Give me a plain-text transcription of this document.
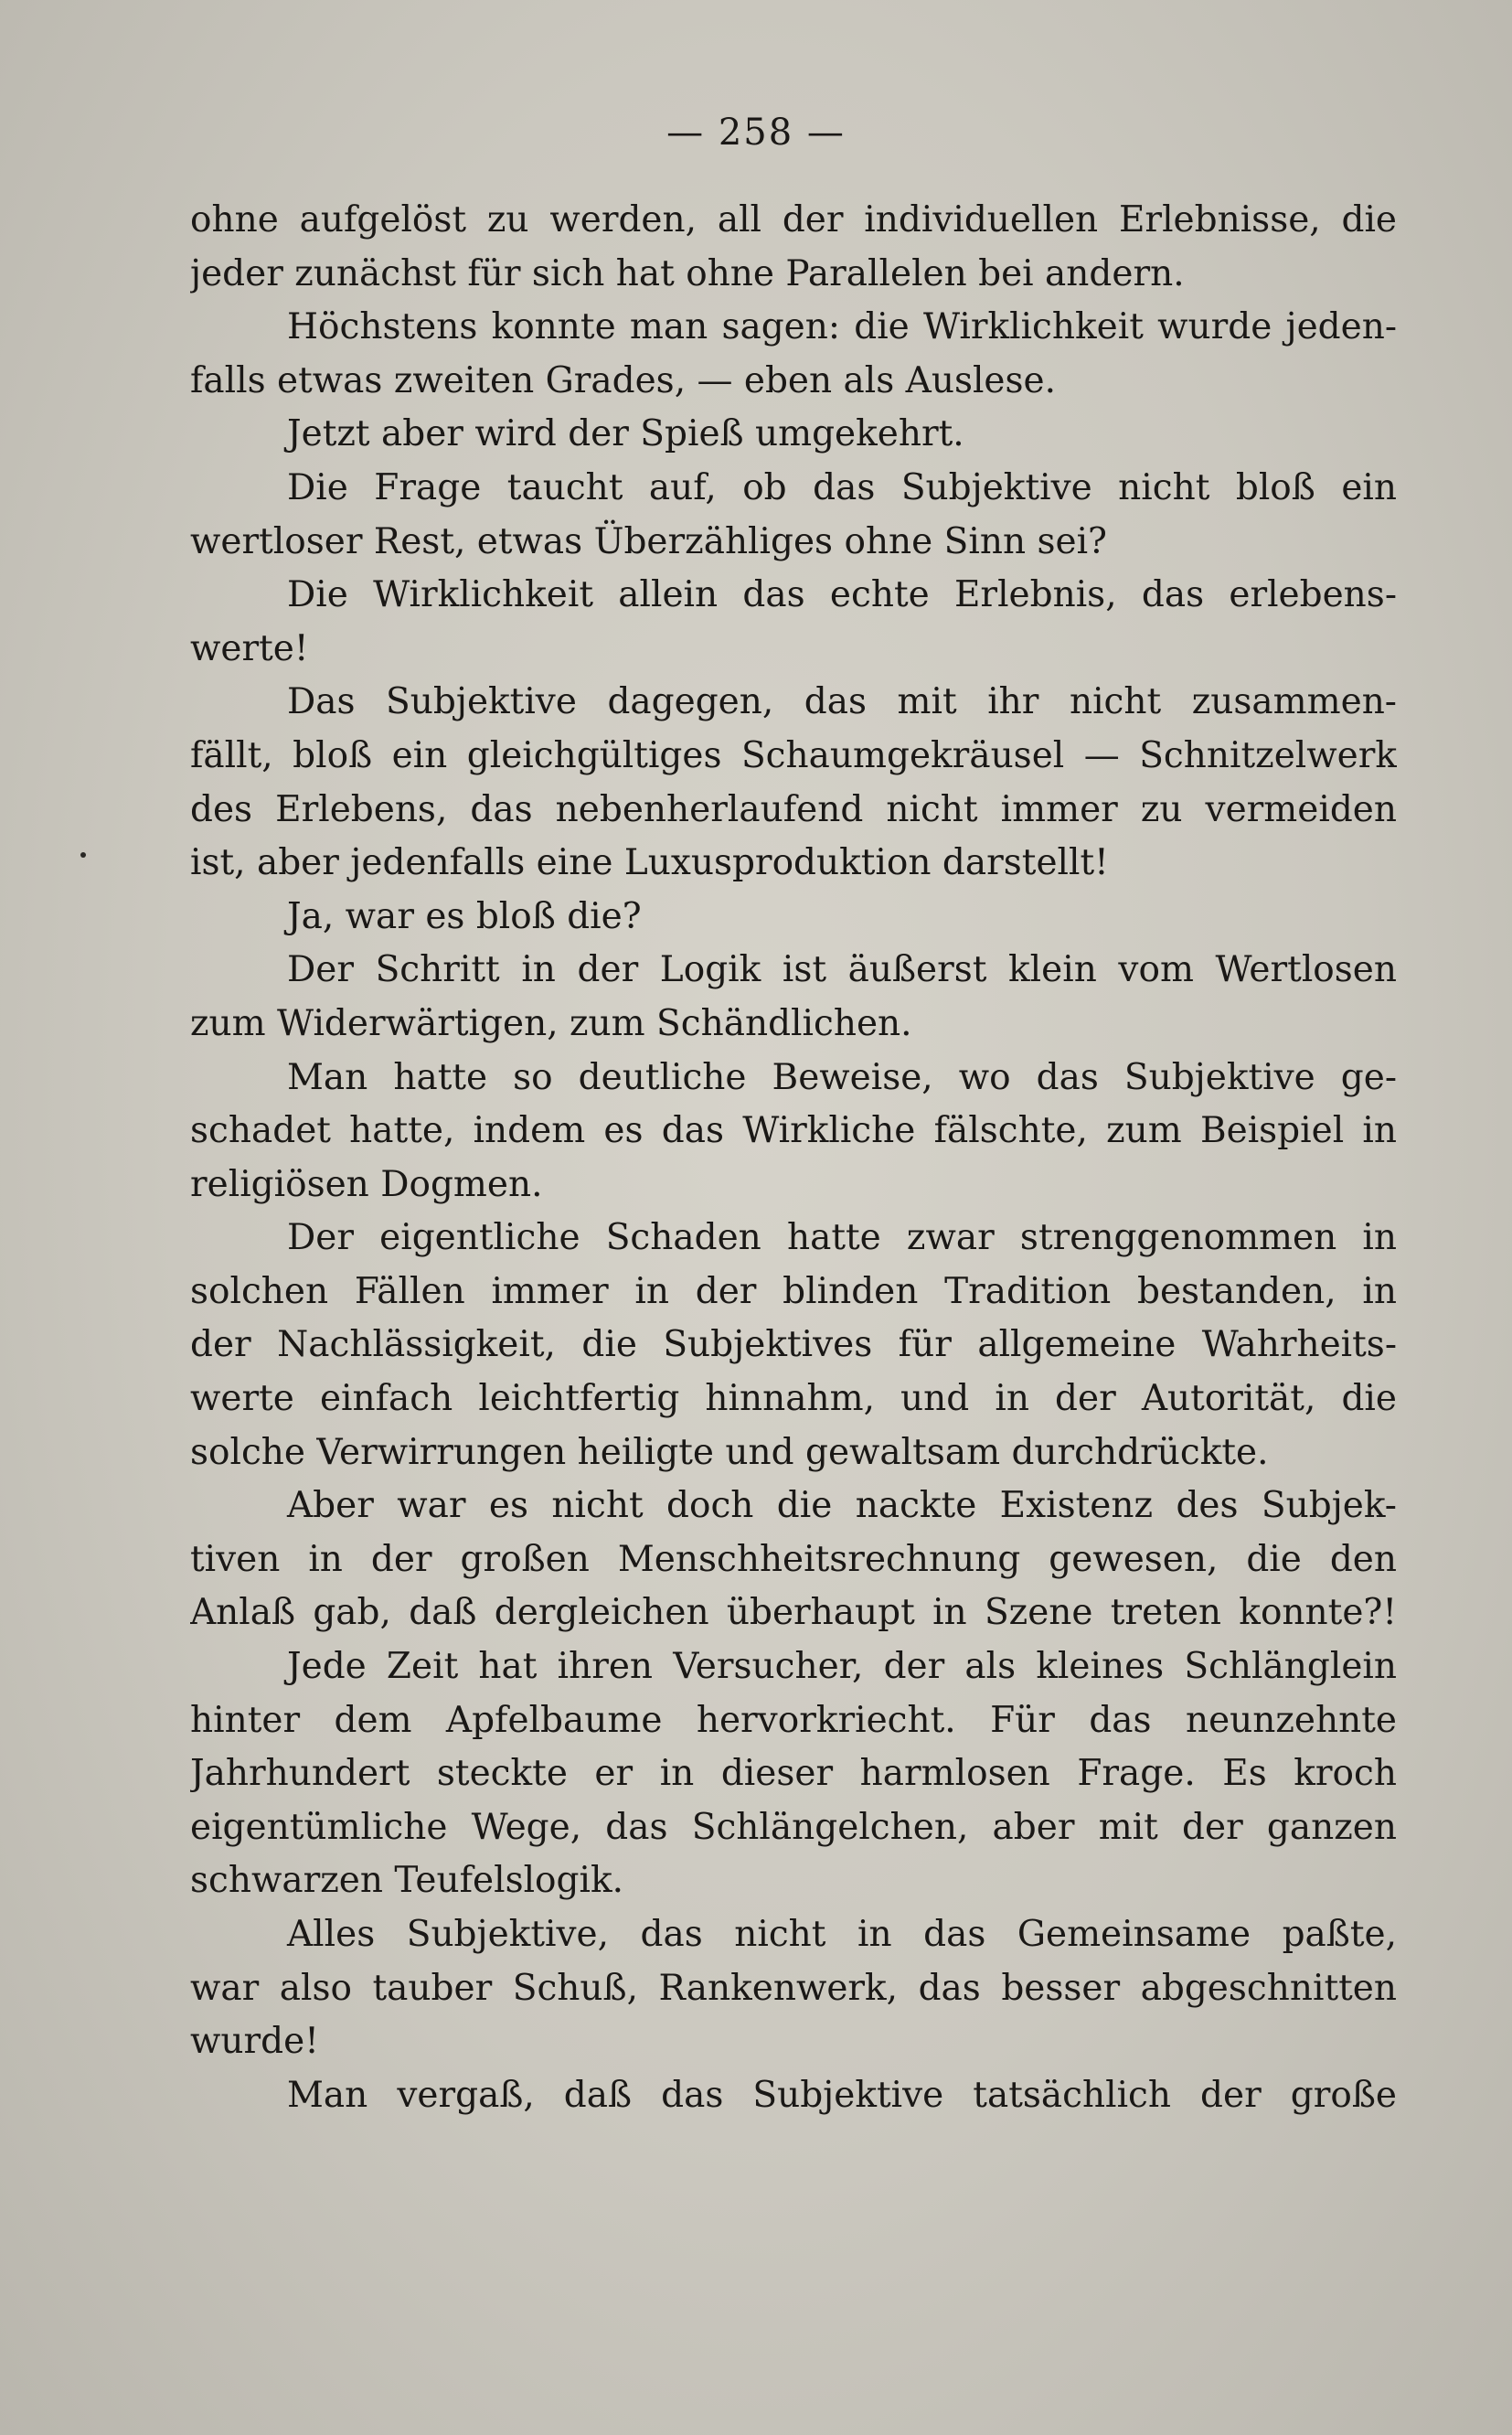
— 258 —
ohne aufgelöst zu werden, all der individuellen Erlebnisse, die
jeder zunächst für sich hat ohne Parallelen bei andern.
Höchstens konnte man sagen: die Wirklichkeit wurde jeden-
falls etwas zweiten Grades, — eben als Auslese.
Jetzt aber wird der Spieß umgekehrt.
Die Frage taucht auf, ob das Subjektive nicht bloß ein
wertloser Rest, etwas Überzähliges ohne Sinn sei?
Die Wirklichkeit allein das echte Erlebnis, das erlebens-
werte!
Das Subjektive dagegen, das mit ihr nicht zusammen-
fällt, bloß ein gleichgültiges Schaumgekräusel — Schnitzelwerk
des Erlebens, das nebenherlaufend nicht immer zu vermeiden
ist, aber jedenfalls eine Luxusproduktion darstellt!
Ja, war es bloß die?
Der Schritt in der Logik ist äußerst klein vom Wertlosen
zum Widerwärtigen, zum Schändlichen.
Man hatte so deutliche Beweise, wo das Subjektive ge-
schadet hatte, indem es das Wirkliche fälschte, zum Beispiel in
religiösen Dogmen.
Der eigentliche Schaden hatte zwar strenggenommen in
solchen Fällen immer in der blinden Tradition bestanden, in
der Nachlässigkeit, die Subjektives für allgemeine Wahrheits-
werte einfach leichtfertig hinnahm, und in der Autorität, die
solche Verwirrungen heiligte und gewaltsam durchdrückte.
Aber war es nicht doch die nackte Existenz des Subjek-
tiven in der großen Menschheitsrechnung gewesen, die den
Anlaß gab, daß dergleichen überhaupt in Szene treten konnte?!
Jede Zeit hat ihren Versucher, der als kleines Schlänglein
hinter dem Apfelbaume hervorkriecht. Für das neunzehnte
Jahrhundert steckte er in dieser harmlosen Frage. Es kroch
eigentümliche Wege, das Schlängelchen, aber mit der ganzen
schwarzen Teufelslogik.
Alles Subjektive, das nicht in das Gemeinsame paßte,
war also tauber Schuß, Rankenwerk, das besser abgeschnitten
wurde!
Man vergaß, daß das Subjektive tatsächlich der große
